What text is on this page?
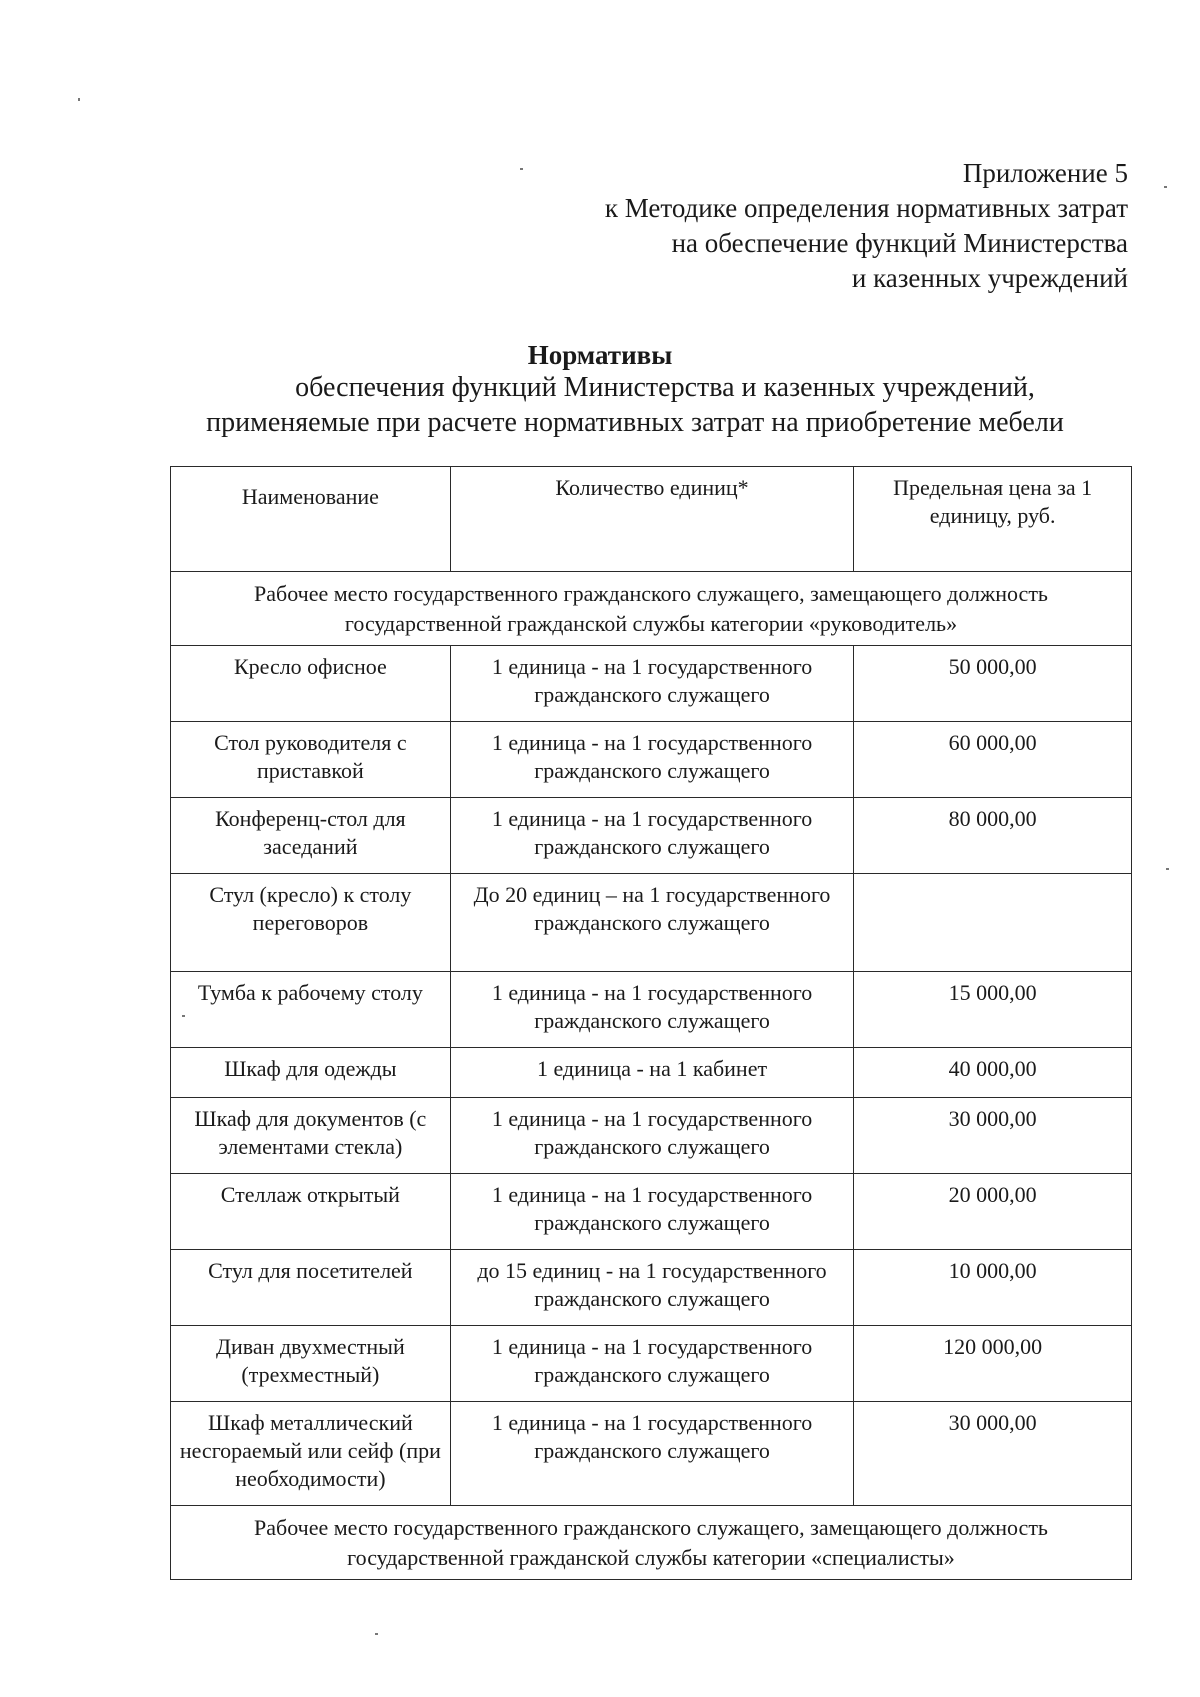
Приложение 5
к Методике определения нормативных затрат
на обеспечение функций Министерства
и казенных учреждений
Нормативы
обеспечения функций Министерства и казенных учреждений,
применяемые при расчете нормативных затрат на приобретение мебели
Наименование	Количество единиц*	Предельная цена за 1 единицу, руб.
Рабочее место государственного гражданского служащего, замещающего должность государственной гражданской службы категории «руководитель»		
Кресло офисное	1 единица - на 1 государственного гражданского служащего	50 000,00
Стол руководителя с приставкой	1 единица - на 1 государственного гражданского служащего	60 000,00
Конференц-стол для заседаний	1 единица - на 1 государственного гражданского служащего	80 000,00
Стул (кресло) к столу переговоров	До 20 единиц – на 1 государственного гражданского служащего	
Тумба к рабочему столу	1 единица - на 1 государственного гражданского служащего	15 000,00
Шкаф для одежды	1 единица - на 1 кабинет	40 000,00
Шкаф для документов (с элементами стекла)	1 единица - на 1 государственного гражданского служащего	30 000,00
Стеллаж открытый	1 единица - на 1 государственного гражданского служащего	20 000,00
Стул для посетителей	до 15 единиц - на 1 государственного гражданского служащего	10 000,00
Диван двухместный (трехместный)	1 единица - на 1 государственного гражданского служащего	120 000,00
Шкаф металлический несгораемый или сейф (при необходимости)	1 единица - на 1 государственного гражданского служащего	30 000,00
Рабочее место государственного гражданского служащего, замещающего должность государственной гражданской службы категории «специалисты»		
